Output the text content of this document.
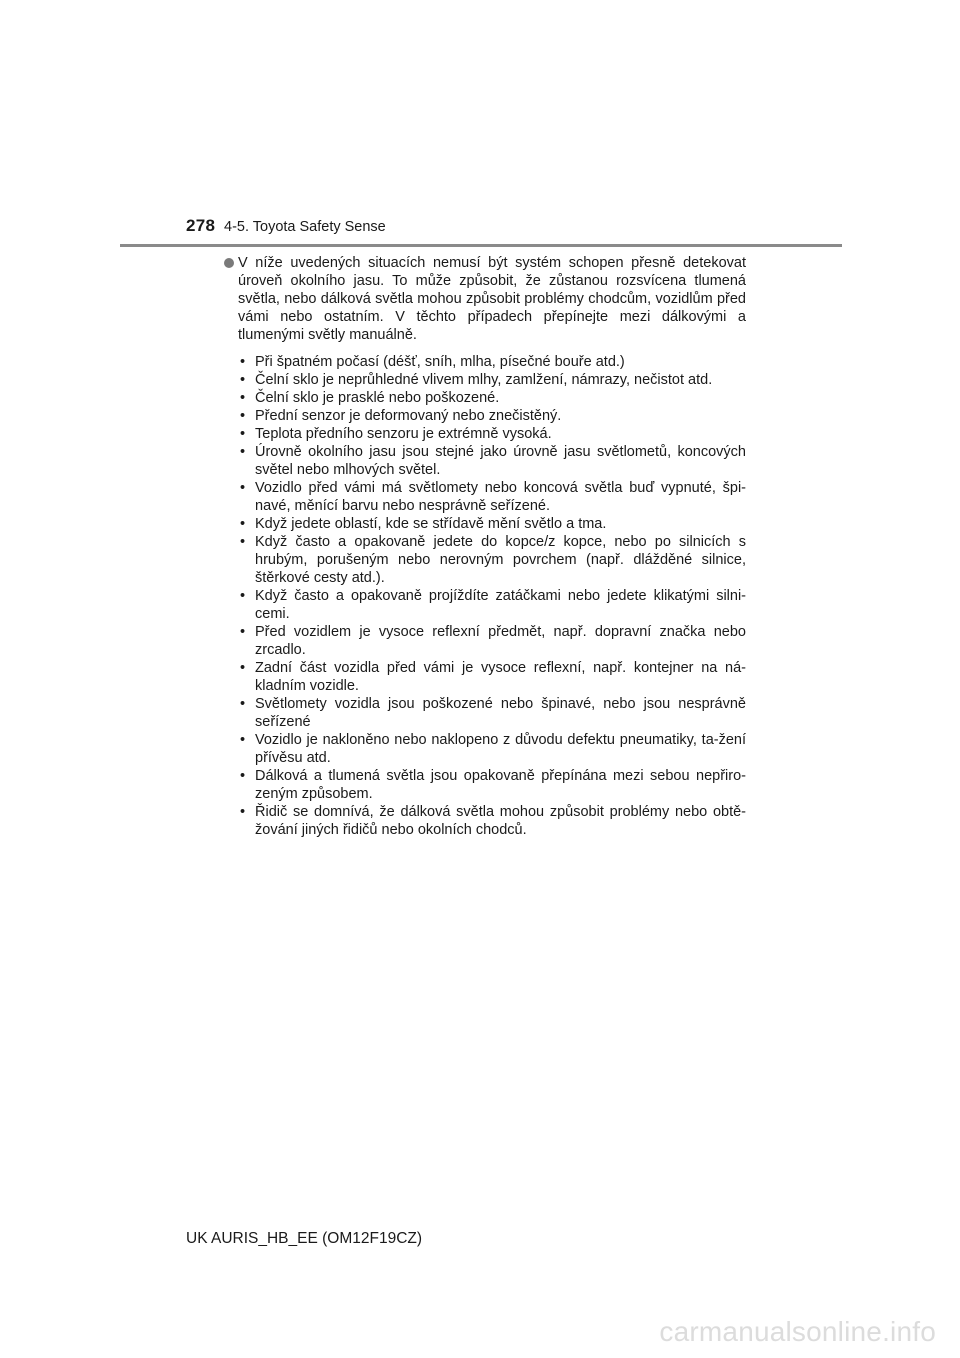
278 4-5. Toyota Safety Sense
V níže uvedených situacích nemusí být systém schopen přesně detekovat úroveň okolního jasu. To může způsobit, že zůstanou rozsvícena tlumená světla, nebo dálková světla mohou způsobit problémy chodcům, vozidlům před vámi nebo ostatním. V těchto případech přepínejte mezi dálkovými a tlumenými světly manuálně.
• Při špatném počasí (déšť, sníh, mlha, písečné bouře atd.)
• Čelní sklo je neprůhledné vlivem mlhy, zamlžení, námrazy, nečistot atd.
• Čelní sklo je prasklé nebo poškozené.
• Přední senzor je deformovaný nebo znečistěný.
• Teplota předního senzoru je extrémně vysoká.
• Úrovně okolního jasu jsou stejné jako úrovně jasu světlometů, koncových světel nebo mlhových světel.
• Vozidlo před vámi má světlomety nebo koncová světla buď vypnuté, špi-navé, měnící barvu nebo nesprávně seřízené.
• Když jedete oblastí, kde se střídavě mění světlo a tma.
• Když často a opakovaně jedete do kopce/z kopce, nebo po silnicích s hrubým, porušeným nebo nerovným povrchem (např. dlážděné silnice, štěrkové cesty atd.).
• Když často a opakovaně projíždíte zatáčkami nebo jedete klikatými silni-cemi.
• Před vozidlem je vysoce reflexní předmět, např. dopravní značka nebo zrcadlo.
• Zadní část vozidla před vámi je vysoce reflexní, např. kontejner na ná-kladním vozidle.
• Světlomety vozidla jsou poškozené nebo špinavé, nebo jsou nesprávně seřízené
• Vozidlo je nakloněno nebo naklopeno z důvodu defektu pneumatiky, ta-žení přívěsu atd.
• Dálková a tlumená světla jsou opakovaně přepínána mezi sebou nepřiro-zeným způsobem.
• Řidič se domnívá, že dálková světla mohou způsobit problémy nebo obtě-žování jiných řidičů nebo okolních chodců.
UK AURIS_HB_EE (OM12F19CZ)
carmanualsonline.info
